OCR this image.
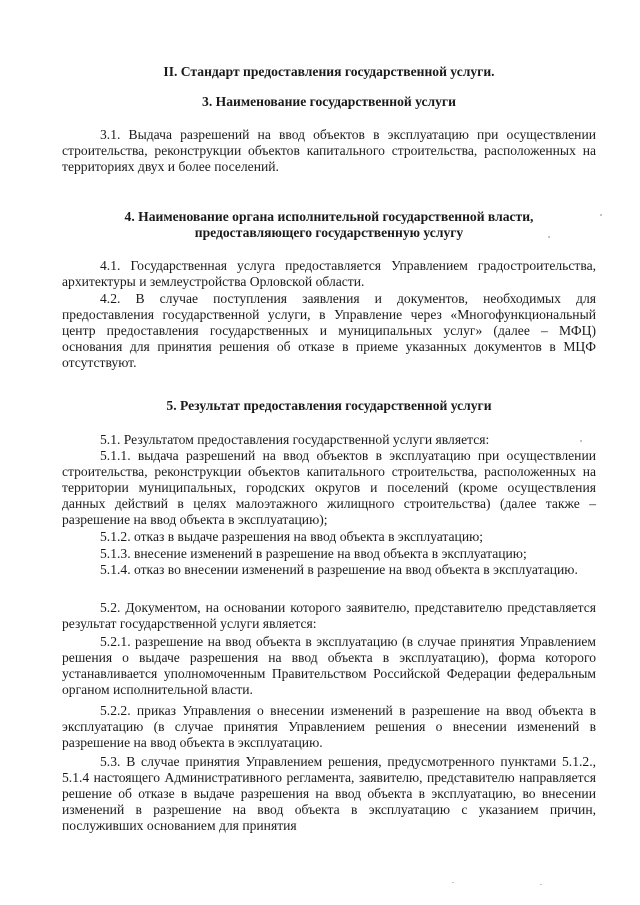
II. Стандарт предоставления государственной услуги.

3. Наименование государственной услуги

3.1. Выдача разрешений на ввод объектов в эксплуатацию при осуществлении строительства, реконструкции объектов капитального строительства, расположенных на территориях двух и более поселений.

4. Наименование органа исполнительной государственной власти,

предоставляющего государственную услугу

4.1. Государственная услуга предоставляется Управлением градостроительства, архитектуры и землеустройства Орловской области.

4.2. В случае поступления заявления и документов, необходимых для предоставления государственной услуги, в Управление через «Многофункциональный центр предоставления государственных и муниципальных услуг» (далее – МФЦ) основания для принятия решения об отказе в приеме указанных документов в МЦФ отсутствуют.

5. Результат предоставления государственной услуги

5.1. Результатом предоставления государственной услуги является:

5.1.1. выдача разрешений на ввод объектов в эксплуатацию при осуществлении строительства, реконструкции объектов капитального строительства, расположенных на территории муниципальных, городских округов и поселений (кроме осуществления данных действий в целях малоэтажного жилищного строительства) (далее также – разрешение на ввод объекта в эксплуатацию);

5.1.2. отказ в выдаче разрешения на ввод объекта в эксплуатацию;

5.1.3. внесение изменений в разрешение на ввод объекта в эксплуатацию;

5.1.4. отказ во внесении изменений в разрешение на ввод объекта в эксплуатацию.

5.2. Документом, на основании которого заявителю, представителю представляется результат государственной услуги является:

5.2.1. разрешение на ввод объекта в эксплуатацию (в случае принятия Управлением решения о выдаче разрешения на ввод объекта в эксплуатацию), форма которого устанавливается уполномоченным Правительством Российской Федерации федеральным органом исполнительной власти.

5.2.2. приказ Управления о внесении изменений в разрешение на ввод объекта в эксплуатацию (в случае принятия Управлением решения о внесении изменений в разрешение на ввод объекта в эксплуатацию.

5.3. В случае принятия Управлением решения, предусмотренного пунктами 5.1.2., 5.1.4 настоящего Административного регламента, заявителю, представителю направляется решение об отказе в выдаче разрешения на ввод объекта в эксплуатацию, во внесении изменений в разрешение на ввод объекта в эксплуатацию с указанием причин, послуживших основанием для принятия
